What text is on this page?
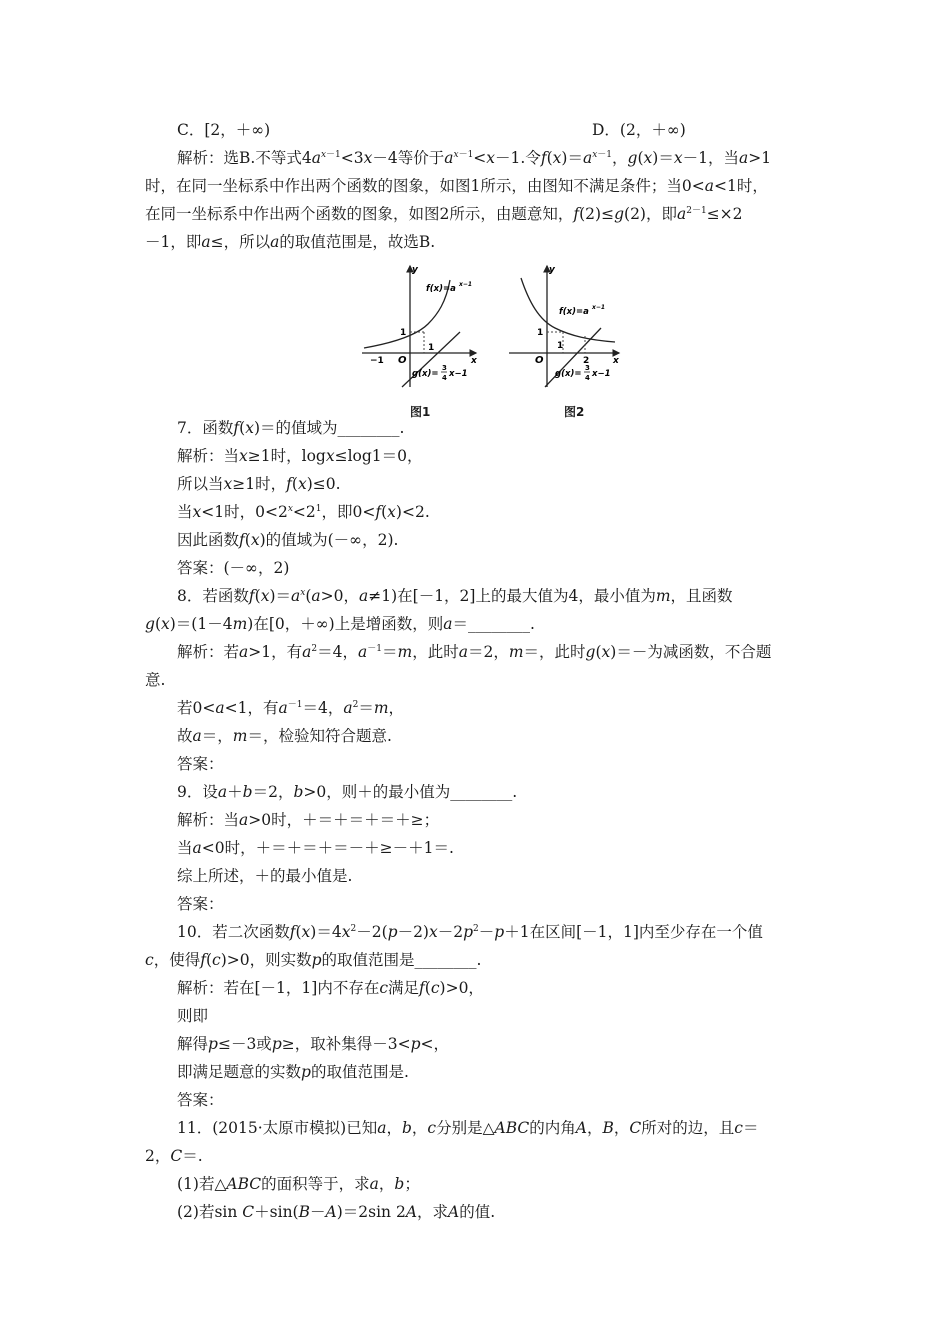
C．[2，＋∞)	D．(2，＋∞)
解析：选B.不等式$4a^{x-1}<3x-4$等价于$a^{x-1}<x-1$.令$f(x)=a^{x-1}$，g(x)＝x－1，当a>1
时，在同一坐标系中作出两个函数的图象，如图1所示，由图知不满足条件；当0<a<1时，
在同一坐标系中作出两个函数的图象，如图2所示，由题意知，f(2)≤g(2)，即$a^{2-1}\le\times 2$
－1，即a≤，所以a的取值范围是，故选B.
y
x
O
1
1
−1
f(x)=a x−1
g(x)=
3
4 x−1
图1
y
x
O
1
1
2
f(x)=a x−1
g(x)=
3
4 x−1
图2
7．函数f(x)＝的值域为________.
解析：当x≥1时，logx≤log1＝0，
所以当x≥1时，f(x)≤0.
当x<1时，$0<2^x<2^1$，即0<f(x)<2.
因此函数f(x)的值域为(－∞，2).
答案：(－∞，2)
8．若函数$f(x)=a^x(a>0$，a≠1)在[－1，2]上的最大值为4，最小值为m，且函数
g(x)＝(1－4m)在[0，＋∞)上是增函数，则a＝________.
解析：若a>1，有$a^2=4$，$a^{-1}=m$，此时a＝2，m＝，此时g(x)＝－为减函数，不合题
意.
若0<a<1，有$a^{-1}=4$，$a^2=m$，
故a＝，m＝，检验知符合题意.
答案：
9．设a＋b＝2，b>0，则＋的最小值为________.
解析：当a>0时，＋＝＋＝＋＝＋≥；
当a<0时，＋＝＋＝＋＝－＋≥－＋1＝.
综上所述，＋的最小值是.
答案：
10．若二次函数$f(x)=4x^2-2(p-2)x-2p^2-p+1$在区间[－1，1]内至少存在一个值
c，使得f(c)>0，则实数p的取值范围是________.
解析：若在[－1，1]内不存在c满足f(c)>0，
则即
解得p≤－3或p≥，取补集得－3<p<，
即满足题意的实数p的取值范围是.
答案：
11．(2015·太原市模拟)已知a，b，c分别是△ABC的内角A，B，C所对的边，且c＝
2，C＝.
(1)若△ABC的面积等于，求a，b；
(2)若sin C＋sin(B－A)＝2sin 2A，求A的值.
